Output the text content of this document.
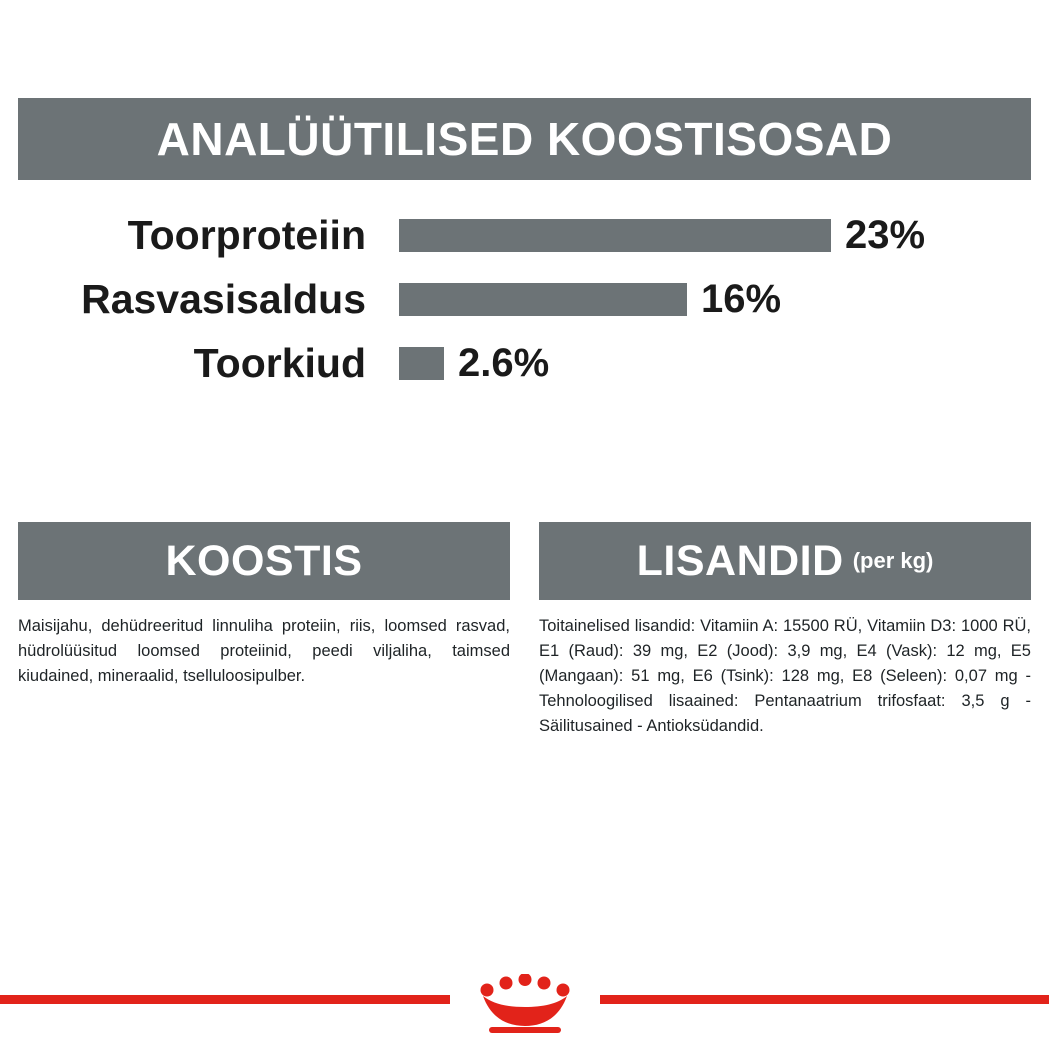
ANALÜÜTILISED KOOSTISOSAD
Toorproteiin	23%
Rasvasisaldus	16%
Toorkiud 2.6%
KOOSTIS
Maisijahu, dehüdreeritud linnuliha proteiin, riis, loomsed rasvad, hüdrolüüsitud loomsed proteiinid, peedi viljaliha, taimsed kiudained, mineraalid, tselluloosipulber.
LISANDID (per kg)
Toitainelised lisandid: Vitamiin A: 15500 RÜ, Vitamiin D3: 1000 RÜ, E1 (Raud): 39 mg, E2 (Jood): 3,9 mg, E4 (Vask): 12 mg, E5 (Mangaan): 51 mg, E6 (Tsink): 128 mg, E8 (Seleen): 0,07 mg - Tehnoloogilised lisaained: Pentanaatrium trifosfaat: 3,5 g - Säilitusained - Antioksüdandid.
